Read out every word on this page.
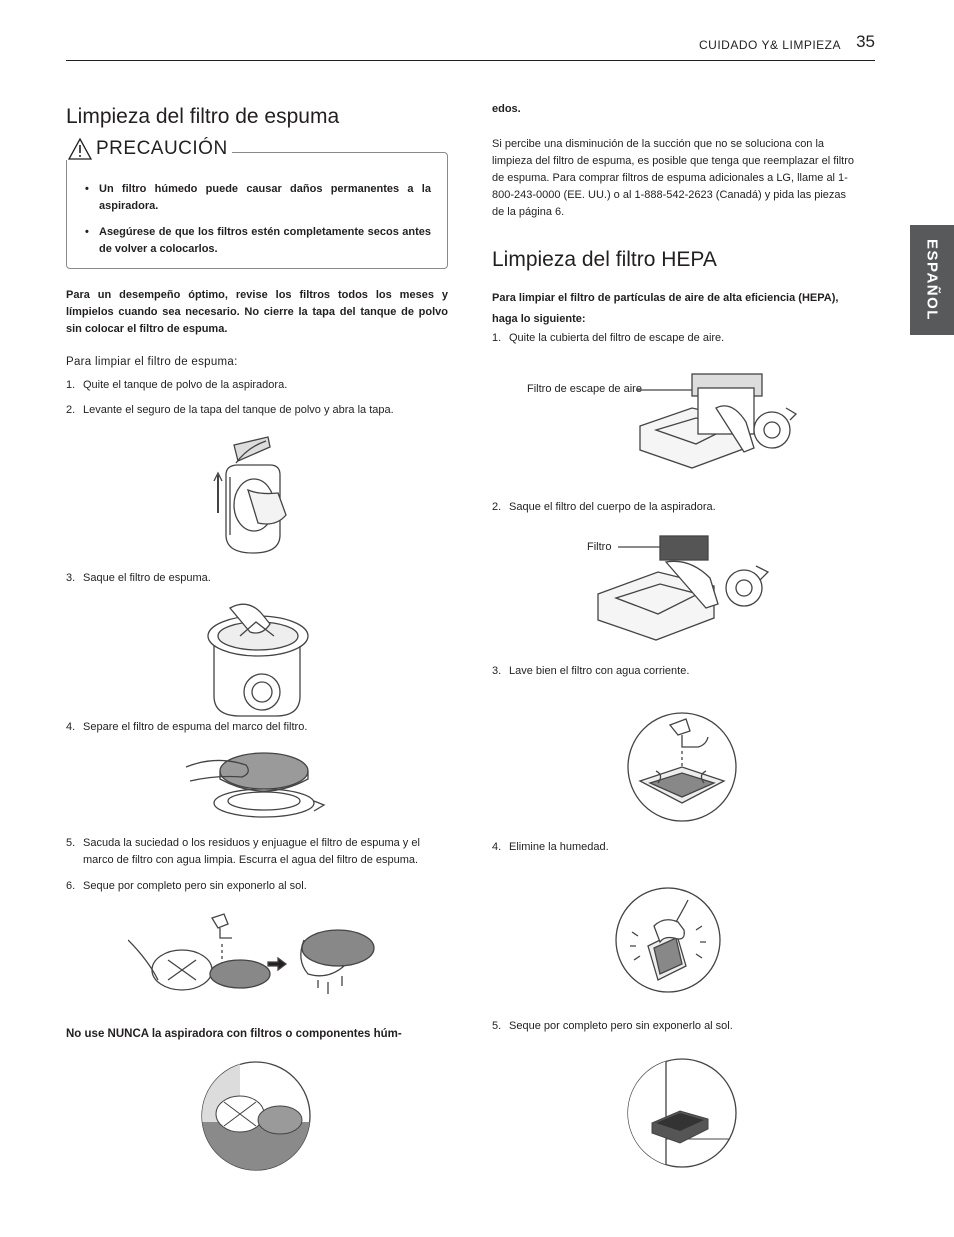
CUIDADO Y& LIMPIEZA 35
ESPAÑOL
Limpieza del filtro de espuma
• Un filtro húmedo puede causar daños permanentes a la aspiradora.
• Asegúrese de que los filtros estén completamente secos antes de volver a colocarlos.
PRECAUCIÓN
Para un desempeño óptimo, revise los filtros todos los meses y límpielos cuando sea necesario. No cierre la tapa del tanque de polvo sin colocar el filtro de espuma.
Para limpiar el filtro de espuma:
1. Quite el tanque de polvo de la aspiradora.
2. Levante el seguro de la tapa del tanque de polvo y abra la tapa.
3. Saque el filtro de espuma.
4. Separe el filtro de espuma del marco del filtro.
5. Sacuda la suciedad o los residuos y enjuague el filtro de espuma y el marco de filtro con agua limpia. Escurra el agua del filtro de espuma.
6. Seque por completo pero sin exponerlo al sol.
No use NUNCA la aspiradora con filtros o componentes húm-
edos.
Si percibe una disminución de la succión que no se soluciona con la limpieza del filtro de espuma, es posible que tenga que reemplazar el filtro de espuma. Para comprar filtros de espuma adicionales a LG, llame al 1-800-243-0000 (EE. UU.) o al 1-888-542-2623 (Canadá) y pida las piezas de la página 6.
Limpieza del filtro HEPA
Para limpiar el filtro de partículas de aire de alta eficiencia (HEPA), haga lo siguiente:
1. Quite la cubierta del filtro de escape de aire.
Filtro de escape de aire
2. Saque el filtro del cuerpo de la aspiradora.
Filtro
3. Lave bien el filtro con agua corriente.
4. Elimine la humedad.
5. Seque por completo pero sin exponerlo al sol.
